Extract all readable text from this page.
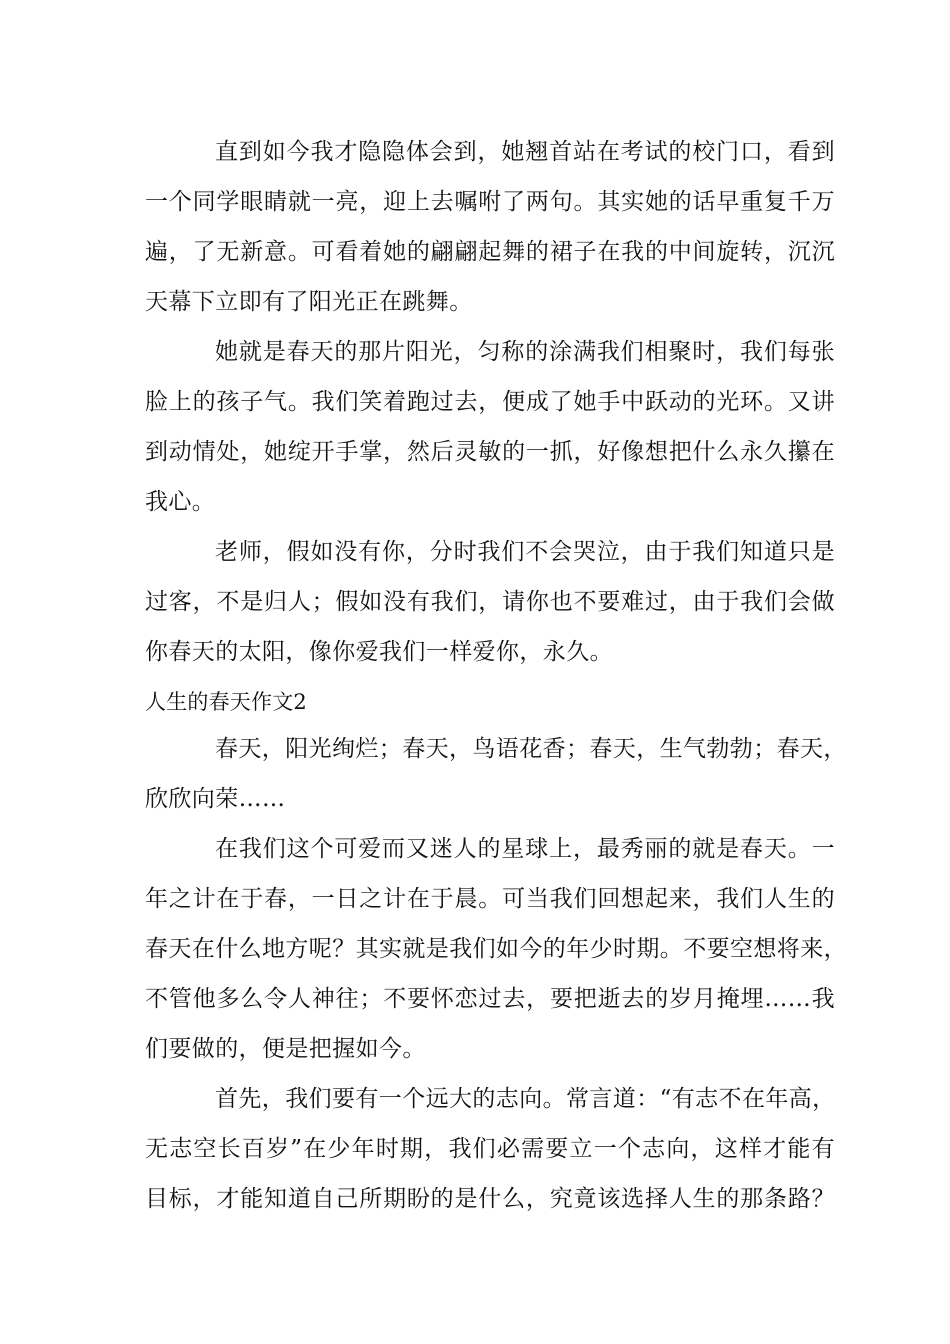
直到如今我才隐隐体会到，她翘首站在考试的校门口，看到
一个同学眼睛就一亮，迎上去嘱咐了两句。其实她的话早重复千万
遍，了无新意。可看着她的翩翩起舞的裙子在我的中间旋转，沉沉
天幕下立即有了阳光正在跳舞。
她就是春天的那片阳光，匀称的涂满我们相聚时，我们每张
脸上的孩子气。我们笑着跑过去，便成了她手中跃动的光环。又讲
到动情处，她绽开手掌，然后灵敏的一抓，好像想把什么永久攥在
我心。
老师，假如没有你，分时我们不会哭泣，由于我们知道只是
过客，不是归人；假如没有我们，请你也不要难过，由于我们会做
你春天的太阳，像你爱我们一样爱你，永久。
人生的春天作文2
春天，阳光绚烂；春天，鸟语花香；春天，生气勃勃；春天，
欣欣向荣……
在我们这个可爱而又迷人的星球上，最秀丽的就是春天。一
年之计在于春，一日之计在于晨。可当我们回想起来，我们人生的
春天在什么地方呢？其实就是我们如今的年少时期。不要空想将来，
不管他多么令人神往；不要怀恋过去，要把逝去的岁月掩埋……我
们要做的，便是把握如今。
首先，我们要有一个远大的志向。常言道：“有志不在年高，
无志空长百岁”在少年时期，我们必需要立一个志向，这样才能有
目标，才能知道自己所期盼的是什么，究竟该选择人生的那条路？
